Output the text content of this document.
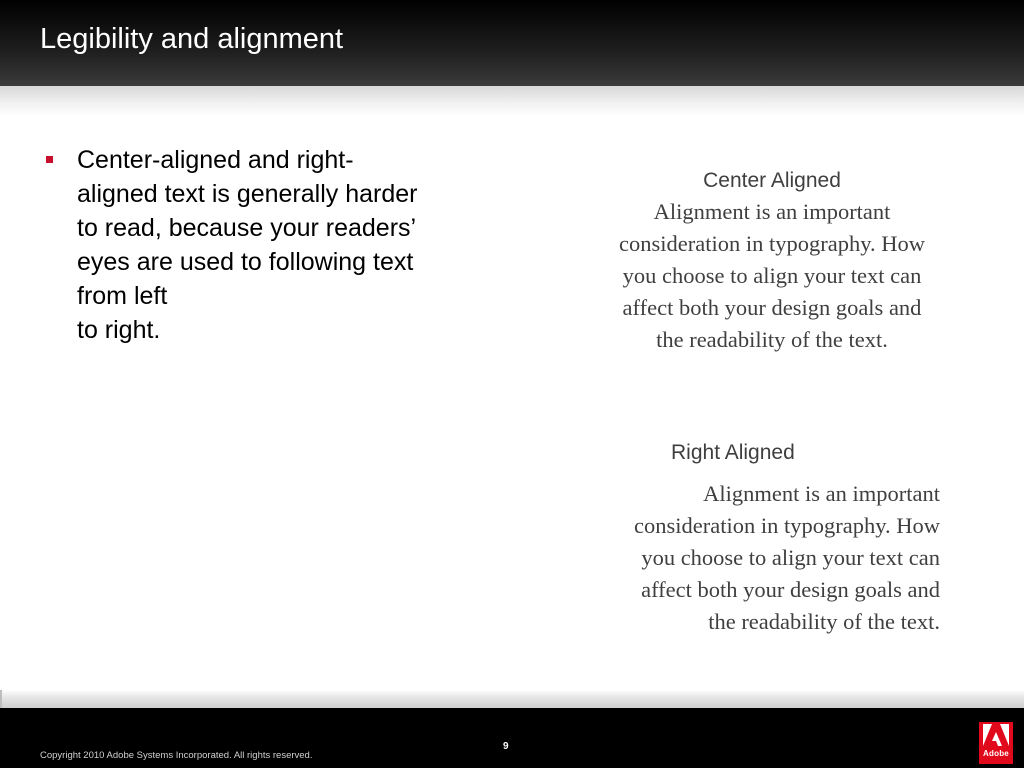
Legibility and alignment
Center-aligned and right-
aligned text is generally harder
to read, because your readers’
eyes are used to following text
from left
to right.
Center Aligned
Alignment is an important
consideration in typography. How
you choose to align your text can
affect both your design goals and
the readability of the text.
Right Aligned
Alignment is an important
consideration in typography. How
you choose to align your text can
affect both your design goals and
the readability of the text.
Copyright 2010 Adobe Systems Incorporated. All rights reserved.
9
Adobe
